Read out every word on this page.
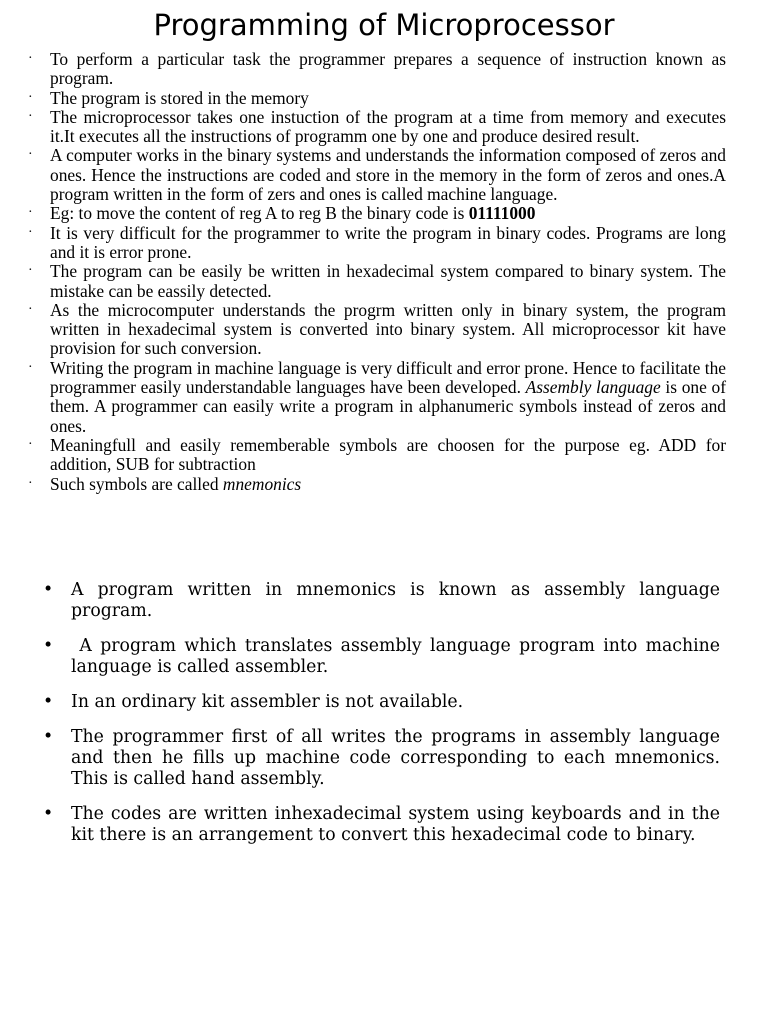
Programming of Microprocessor
· To perform a particular task the programmer prepares a sequence of instruction known as program.
· The program is stored in the memory
· The microprocessor takes one instuction of the program at a time from memory and executes it.It executes all the instructions of programm one by one and produce desired result.
· A computer works in the binary systems and understands the information composed of zeros and ones. Hence the instructions are coded and store in the memory in the form of zeros and ones.A program written in the form of zers and ones is called machine language.
· Eg: to move the content of reg A to reg B the binary code is 01111000
· It is very difficult for the programmer to write the program in binary codes. Programs are long and it is error prone.
· The program can be easily be written in hexadecimal system compared to binary system. The mistake can be eassily detected.
· As the microcomputer understands the progrm written only in binary system, the program written in hexadecimal system is converted into binary system. All microprocessor kit have provision for such conversion.
· Writing the program in machine language is very difficult and error prone. Hence to facilitate the programmer easily understandable languages have been developed. Assembly language is one of them. A programmer can easily write a program in alphanumeric symbols instead of zeros and ones.
· Meaningfull and easily rememberable symbols are choosen for the purpose eg. ADD for addition, SUB for subtraction
· Such symbols are called mnemonics
• A program written in mnemonics is known as assembly language program.
• A program which translates assembly language program into machine language is called assembler.
• In an ordinary kit assembler is not available.
• The programmer first of all writes the programs in assembly language and then he fills up machine code corresponding to each mnemonics. This is called hand assembly.
• The codes are written inhexadecimal system using keyboards and in the kit there is an arrangement to convert this hexadecimal code to binary.
